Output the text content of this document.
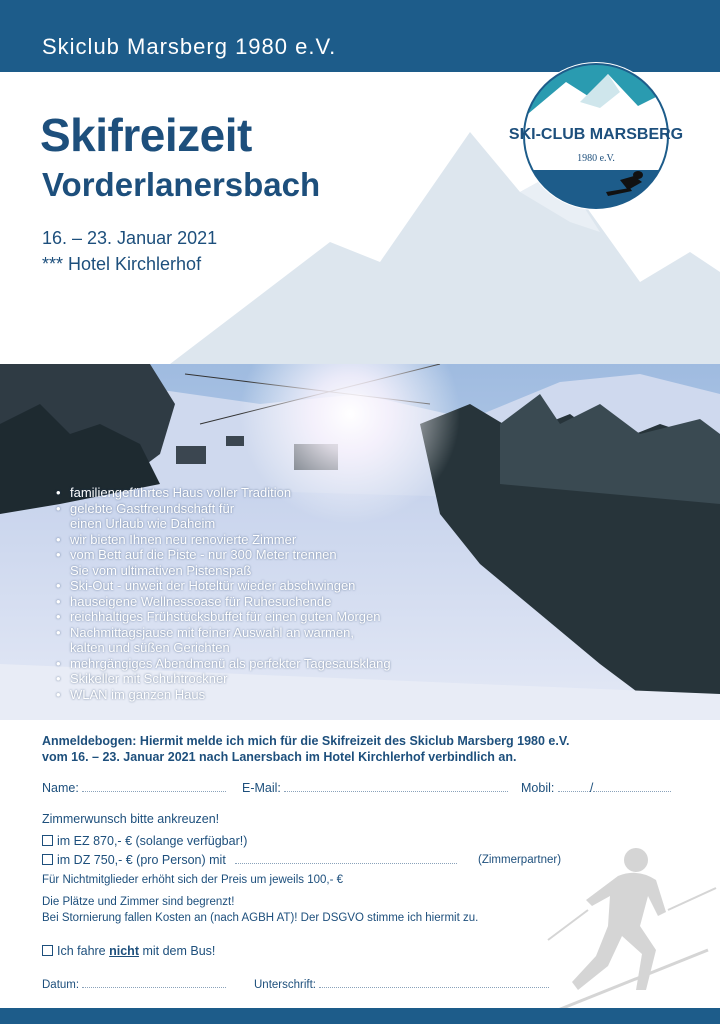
Skiclub Marsberg 1980 e.V.
Skifreizeit
Vorderlanersbach
16. – 23. Januar 2021
*** Hotel Kirchlerhof
SKI-CLUB MARSBERG
1980 e.V.
• familiengeführtes Haus voller Tradition
• gelebte Gastfreundschaft für
einen Urlaub wie Daheim
• wir bieten Ihnen neu renovierte Zimmer
• vom Bett auf die Piste - nur 300 Meter trennen
Sie vom ultimativen Pistenspaß
• Ski-Out - unweit der Hoteltür wieder abschwingen
• hauseigene Wellnessoase für Ruhesuchende
• reichhaltiges Frühstücksbuffet für einen guten Morgen
• Nachmittagsjause mit feiner Auswahl an warmen,
kalten und süßen Gerichten
• mehrgängiges Abendmenü als perfekter Tagesausklang
• Skikeller mit Schuhtrockner
• WLAN im ganzen Haus
Anmeldebogen: Hiermit melde ich mich für die Skifreizeit des Skiclub Marsberg 1980 e.V.
vom 16. – 23. Januar 2021 nach Lanersbach im Hotel Kirchlerhof verbindlich an.
Name:	E-Mail:	Mobil:	/
Zimmerwunsch bitte ankreuzen!
im EZ 870,- € (solange verfügbar!)
im DZ 750,- € (pro Person) mit	(Zimmerpartner)
Für Nichtmitglieder erhöht sich der Preis um jeweils 100,- €
Die Plätze und Zimmer sind begrenzt!
Bei Stornierung fallen Kosten an (nach AGBH AT)! Der DSGVO stimme ich hiermit zu.
Ich fahre nicht mit dem Bus!
Datum:	Unterschrift:
